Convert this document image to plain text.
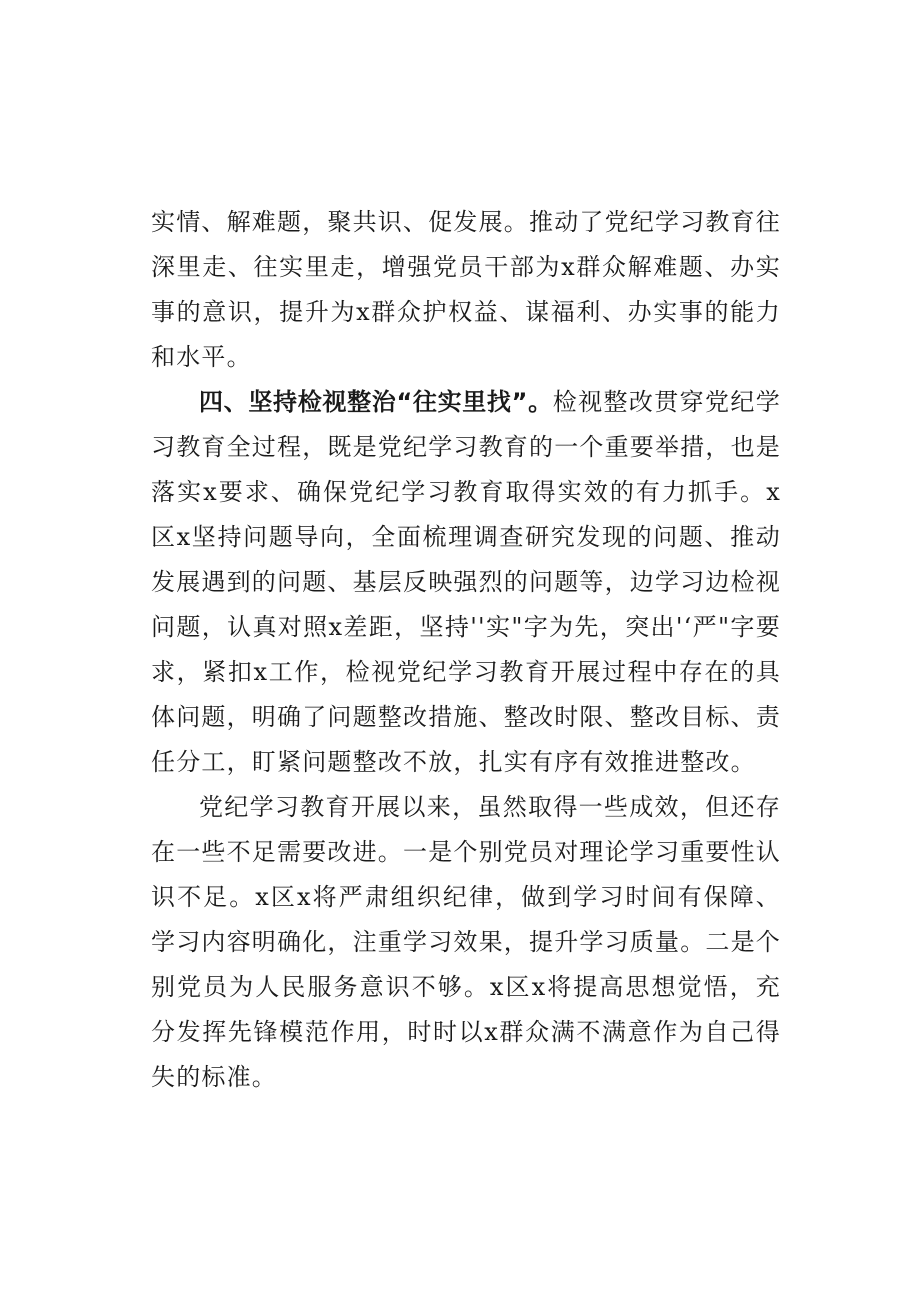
实情、解难题，聚共识、促发展。推动了党纪学习教育往深里走、往实里走，增强党员干部为x群众解难题、办实事的意识，提升为x群众护权益、谋福利、办实事的能力和水平。

四、坚持检视整治“往实里找”。检视整改贯穿党纪学习教育全过程，既是党纪学习教育的一个重要举措，也是落实x要求、确保党纪学习教育取得实效的有力抓手。x区x坚持问题导向，全面梳理调查研究发现的问题、推动发展遇到的问题、基层反映强烈的问题等，边学习边检视问题，认真对照x差距，坚持''实"字为先，突出'‘严"字要求，紧扣x工作，检视党纪学习教育开展过程中存在的具体问题，明确了问题整改措施、整改时限、整改目标、责任分工，盯紧问题整改不放，扎实有序有效推进整改。

党纪学习教育开展以来，虽然取得一些成效，但还存在一些不足需要改进。一是个别党员对理论学习重要性认识不足。x区x将严肃组织纪律，做到学习时间有保障、学习内容明确化，注重学习效果，提升学习质量。二是个别党员为人民服务意识不够。x区x将提高思想觉悟，充分发挥先锋模范作用，时时以x群众满不满意作为自己得失的标准。
